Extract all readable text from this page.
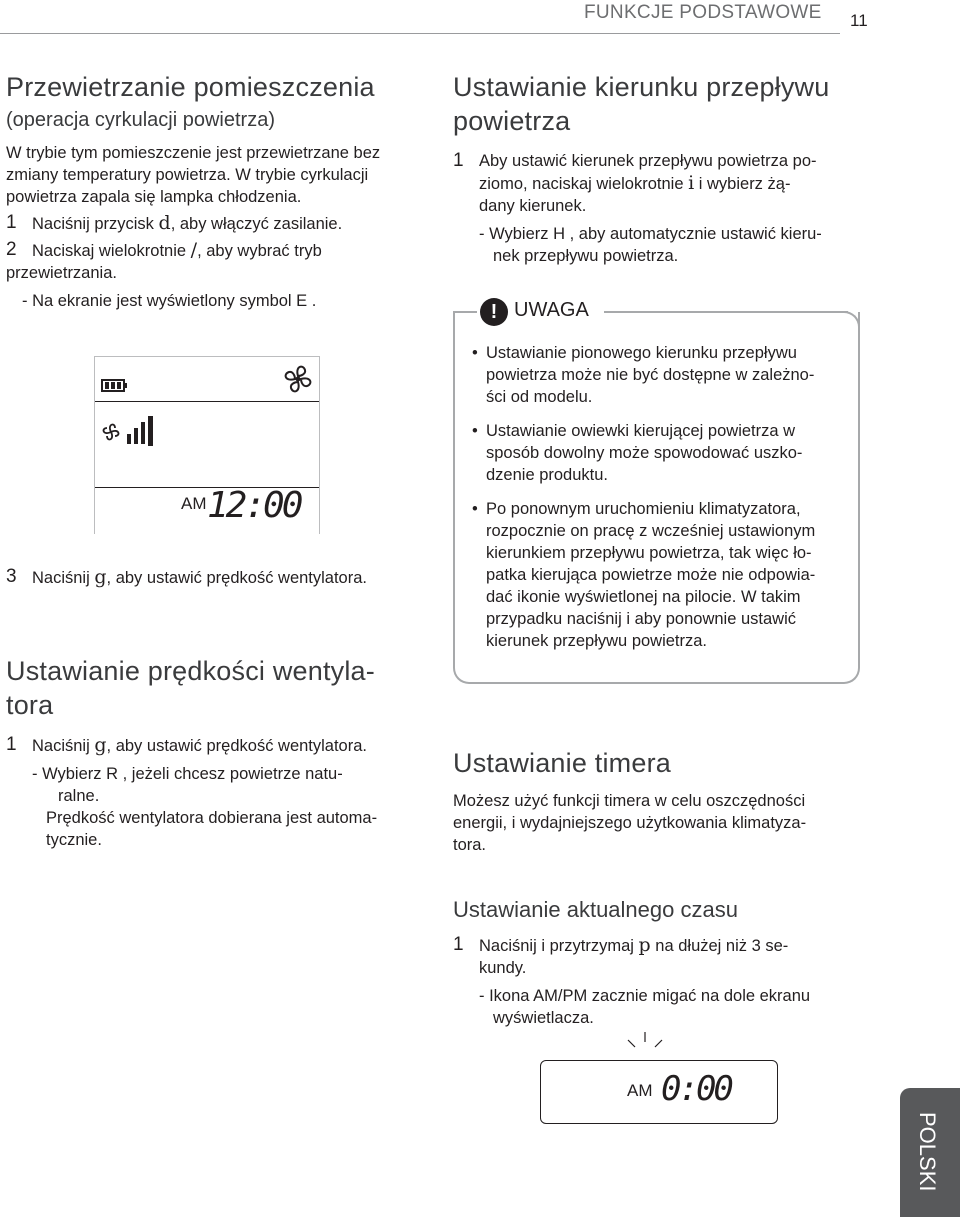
FUNKCJE PODSTAWOWE 11
Przewietrzanie pomieszczenia
(operacja cyrkulacji powietrza)

W trybie tym pomieszczenie jest przewietrzane bez

zmiany temperatury powietrza. W trybie cyrkulacji

powietrza zapala się lampka chłodzenia.

1 Naciśnij przycisk d, aby włączyć zasilanie.
2 Naciskaj wielokrotnie /, aby wybrać tryb

przewietrzania.

- Na ekranie jest wyświetlony symbol E .

AM 12:00
3 Naciśnij g, aby ustawić prędkość wentylatora.
Ustawianie prędkości wentyla-
tora
1 Naciśnij g, aby ustawić prędkość wentylatora.

- Wybierz R , jeżeli chcesz powietrze natu-

ralne.

Prędkość wentylatora dobierana jest automa-

tycznie.

Ustawianie kierunku przepływu
powietrza
1 Aby ustawić kierunek przepływu powietrza po-
ziomo, naciskaj wielokrotnie i i wybierz żą-
dany kierunek.

- Wybierz H , aby automatycznie ustawić kieru-

nek przepływu powietrza.

! UWAGA
• Ustawianie pionowego kierunku przepływu
powietrza może nie być dostępne w zależno-
ści od modelu.
• Ustawianie owiewki kierującej powietrza w
sposób dowolny może spowodować uszko-
dzenie produktu.
• Po ponownym uruchomieniu klimatyzatora,
rozpocznie on pracę z wcześniej ustawionym
kierunkiem przepływu powietrza, tak więc ło-
patka kierująca powietrze może nie odpowia-
dać ikonie wyświetlonej na pilocie. W takim
przypadku naciśnij i aby ponownie ustawić
kierunek przepływu powietrza.
Ustawianie timera

Możesz użyć funkcji timera w celu oszczędności

energii, i wydajniejszego użytkowania klimatyza-

tora.

Ustawianie aktualnego czasu
1 Naciśnij i przytrzymaj p na dłużej niż 3 se-
kundy.

- Ikona AM/PM zacznie migać na dole ekranu

wyświetlacza.

AM 0:00
POLSKI
